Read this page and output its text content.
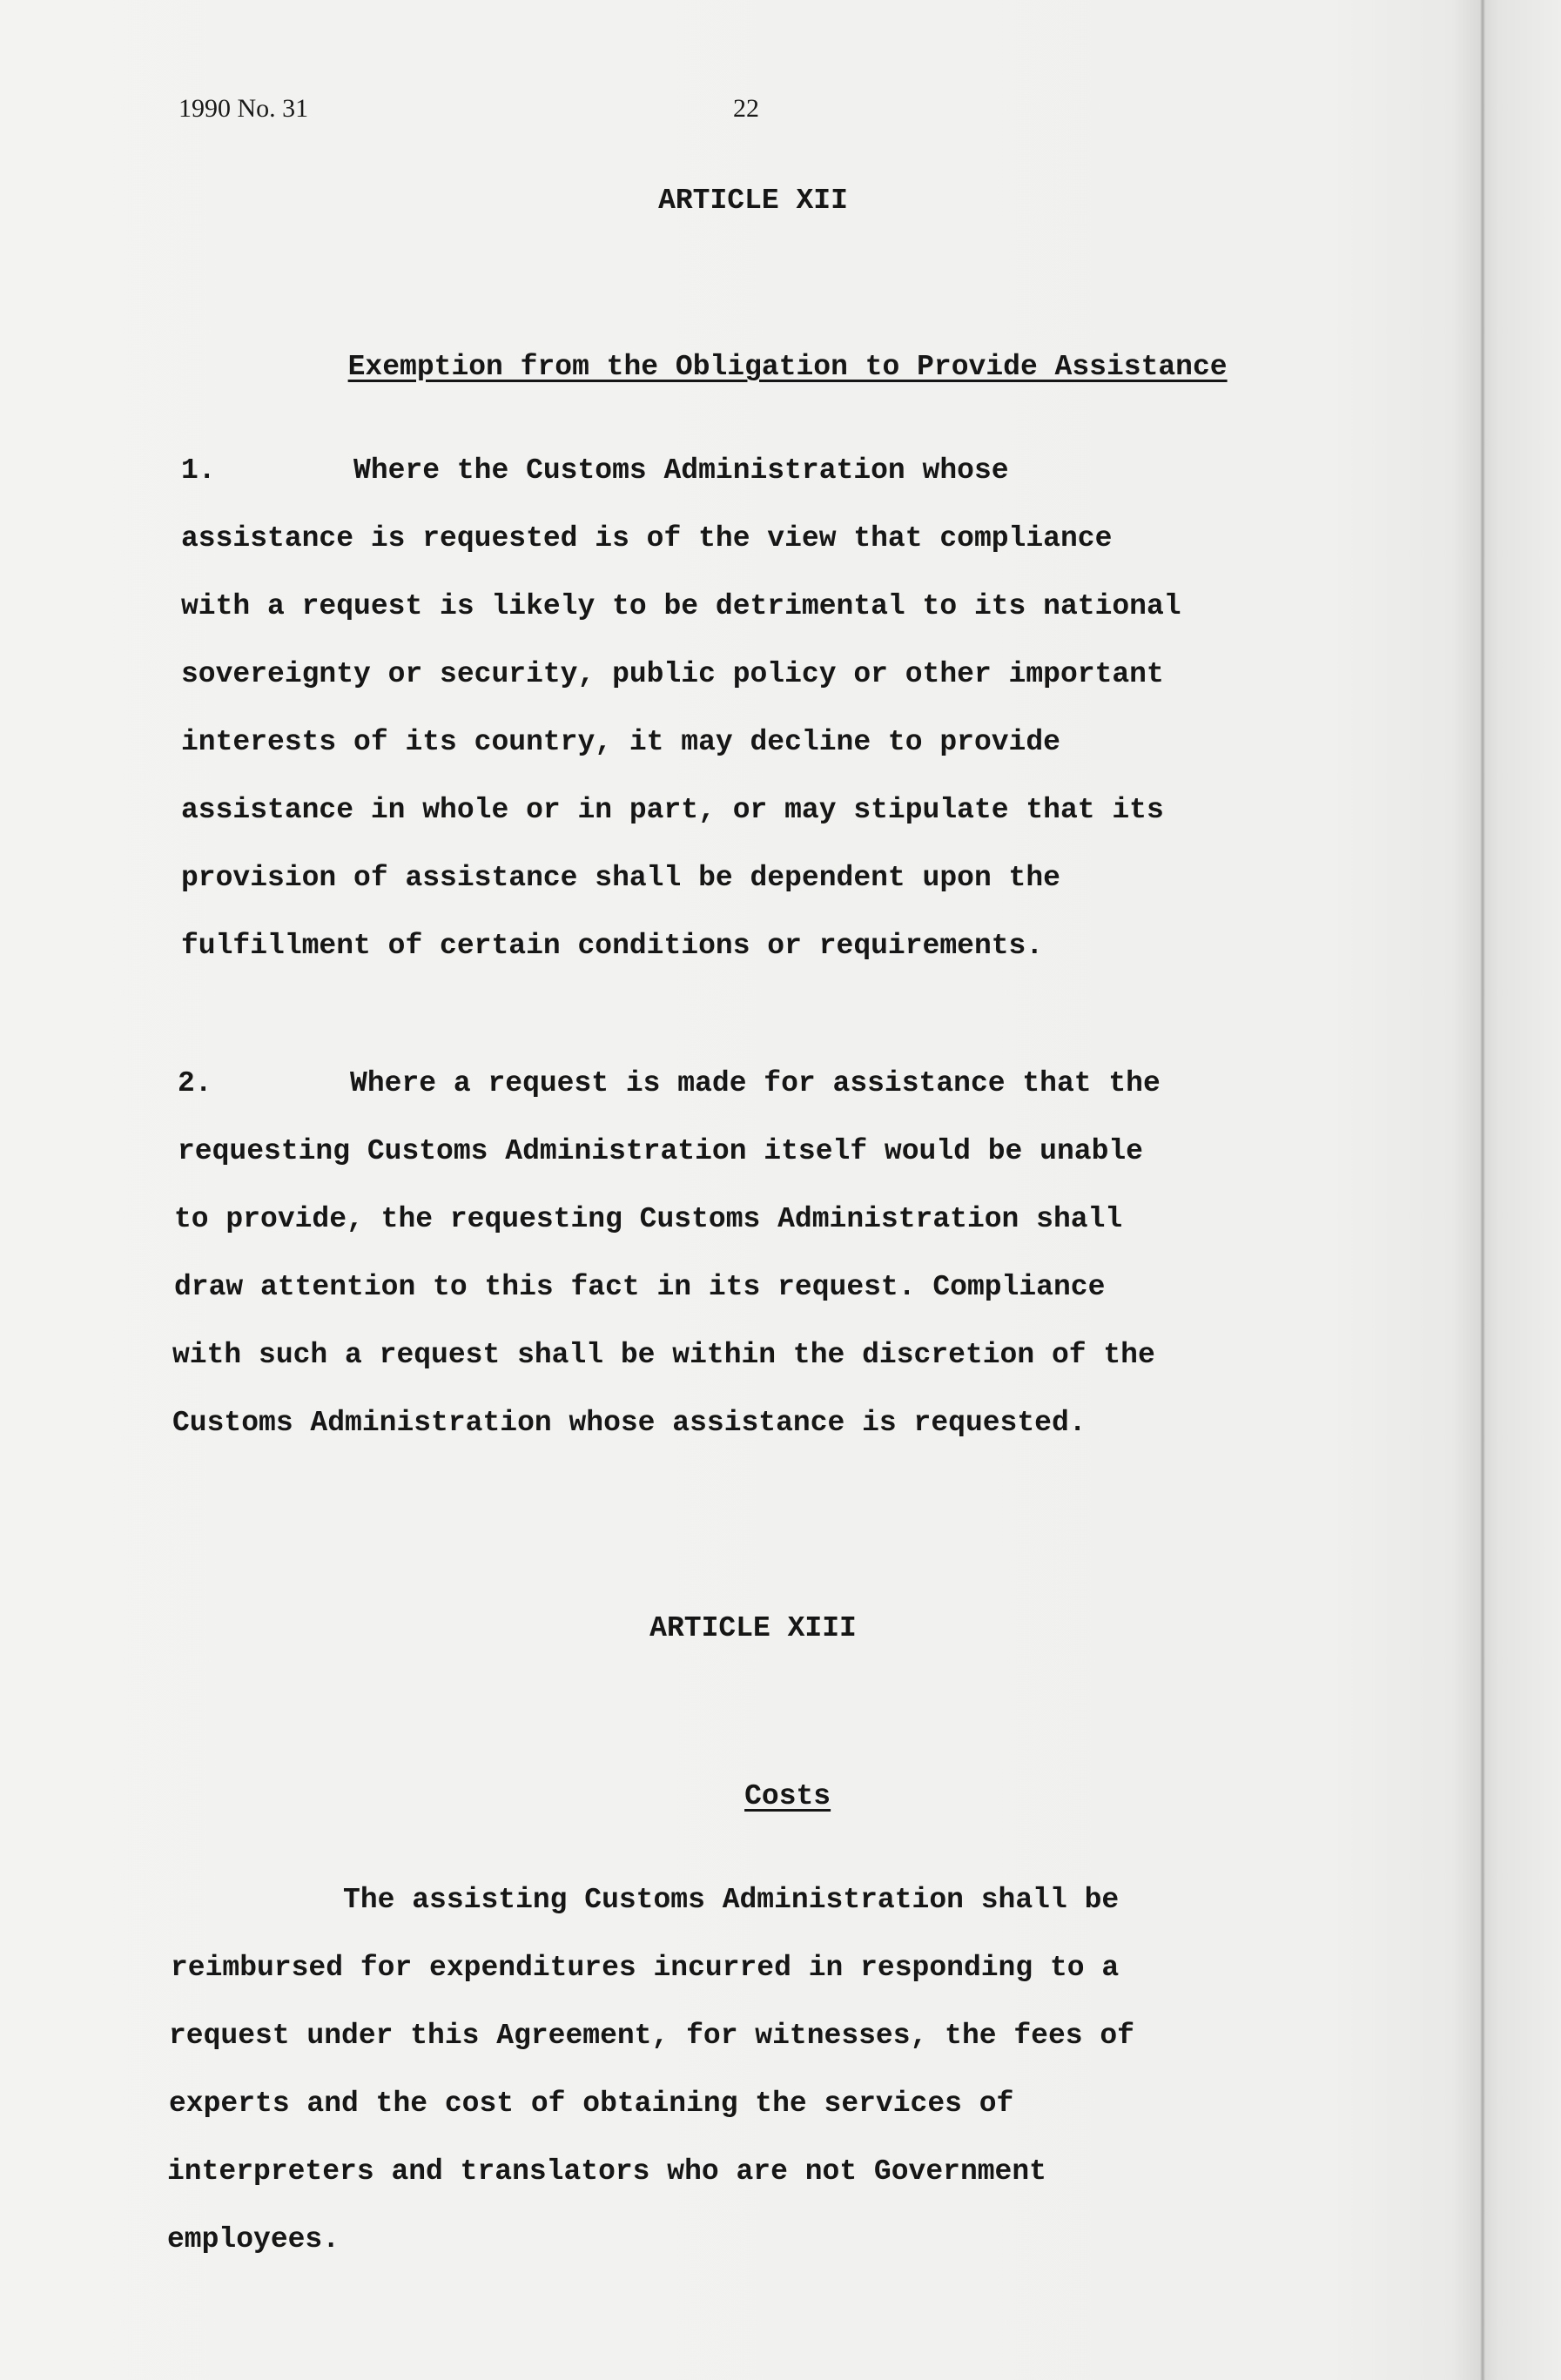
1990 No. 31	22
ARTICLE XII

Exemption from the Obligation to Provide Assistance

1.        Where the Customs Administration whose
assistance is requested is of the view that compliance
with a request is likely to be detrimental to its national
sovereignty or security, public policy or other important
interests of its country, it may decline to provide
assistance in whole or in part, or may stipulate that its
provision of assistance shall be dependent upon the
fulfillment of certain conditions or requirements.
2.        Where a request is made for assistance that the
requesting Customs Administration itself would be unable
to provide, the requesting Customs Administration shall
draw attention to this fact in its request. Compliance
with such a request shall be within the discretion of the
Customs Administration whose assistance is requested.
ARTICLE XIII

Costs

The assisting Customs Administration shall be
reimbursed for expenditures incurred in responding to a
request under this Agreement, for witnesses, the fees of
experts and the cost of obtaining the services of
interpreters and translators who are not Government
employees.
